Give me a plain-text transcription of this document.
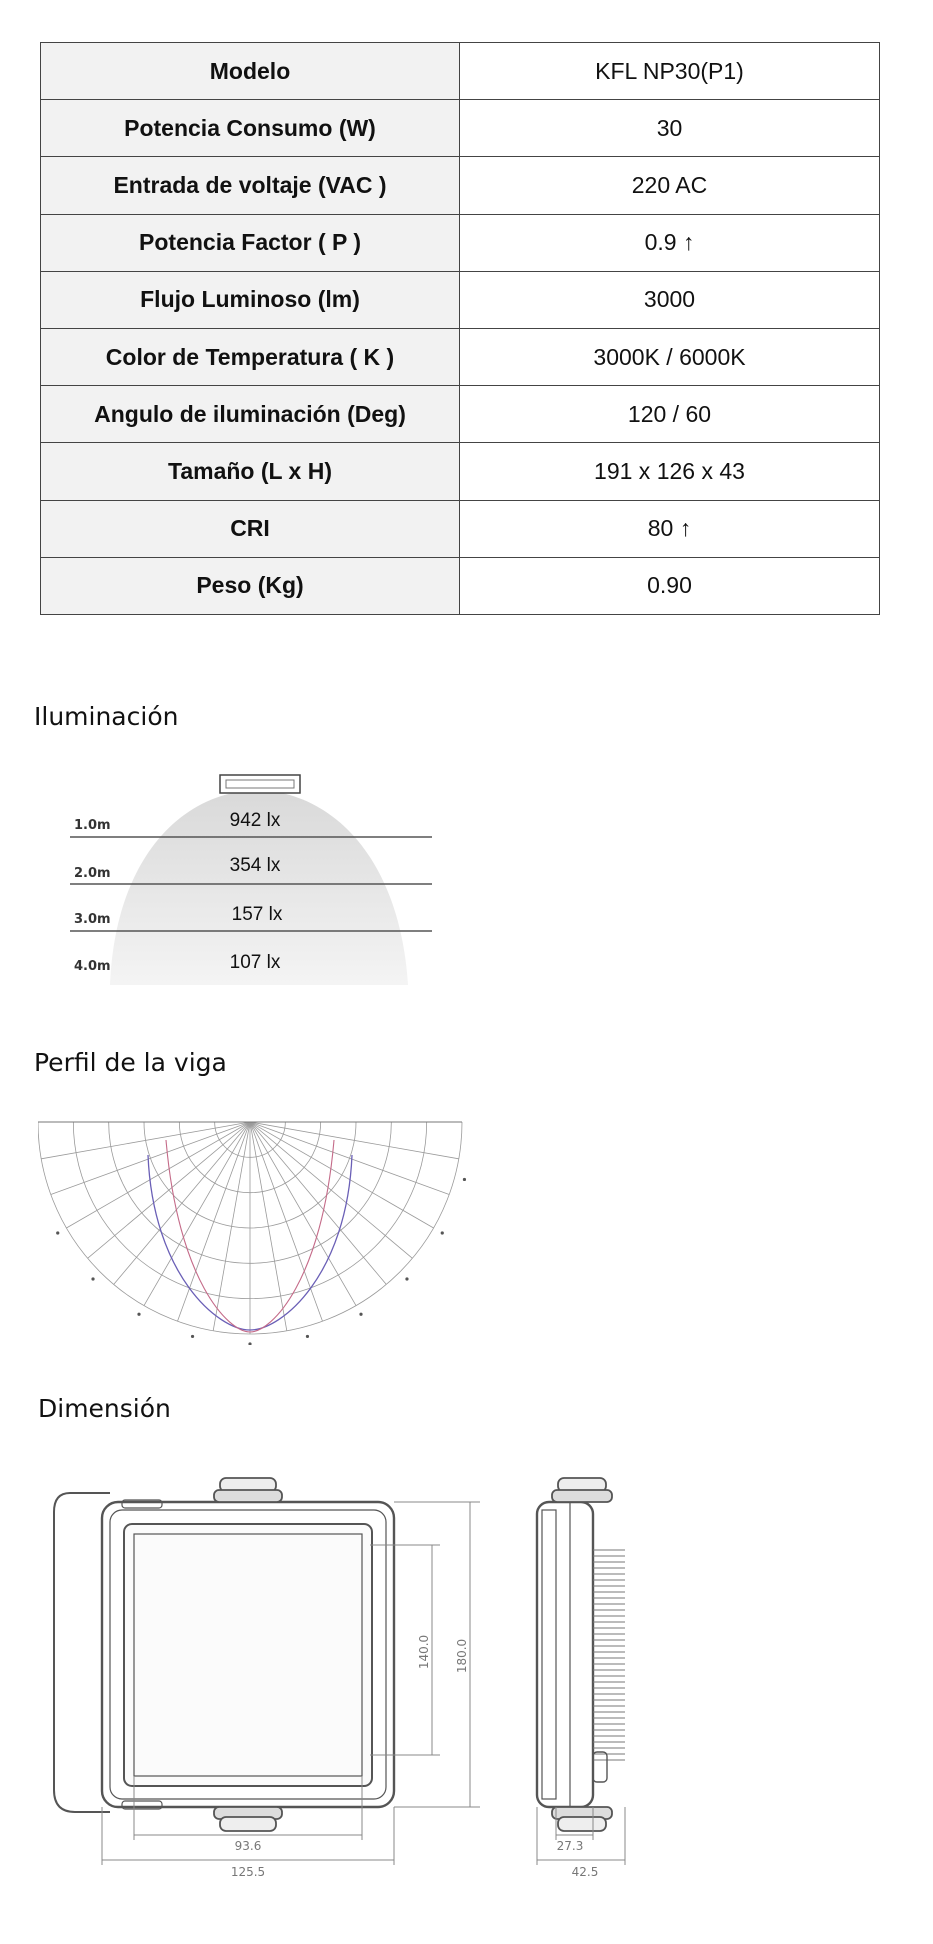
Modelo	KFL NP30(P1)
Potencia Consumo (W)	30
Entrada de voltaje (VAC )	220 AC
Potencia Factor ( P )	0.9 ↑
Flujo Luminoso (lm)	3000
Color de Temperatura ( K )	3000K / 6000K
Angulo de iluminación (Deg)	120 / 60
Tamaño (L x H)	191 x 126 x 43
CRI	80 ↑
Peso (Kg)	0.90
Iluminación
1.0m
2.0m
3.0m
4.0m
942 lx
354 lx
157 lx
107 lx
Perfil de la viga
Dimensión
180.0
140.0
93.6
125.5
27.3
42.5
